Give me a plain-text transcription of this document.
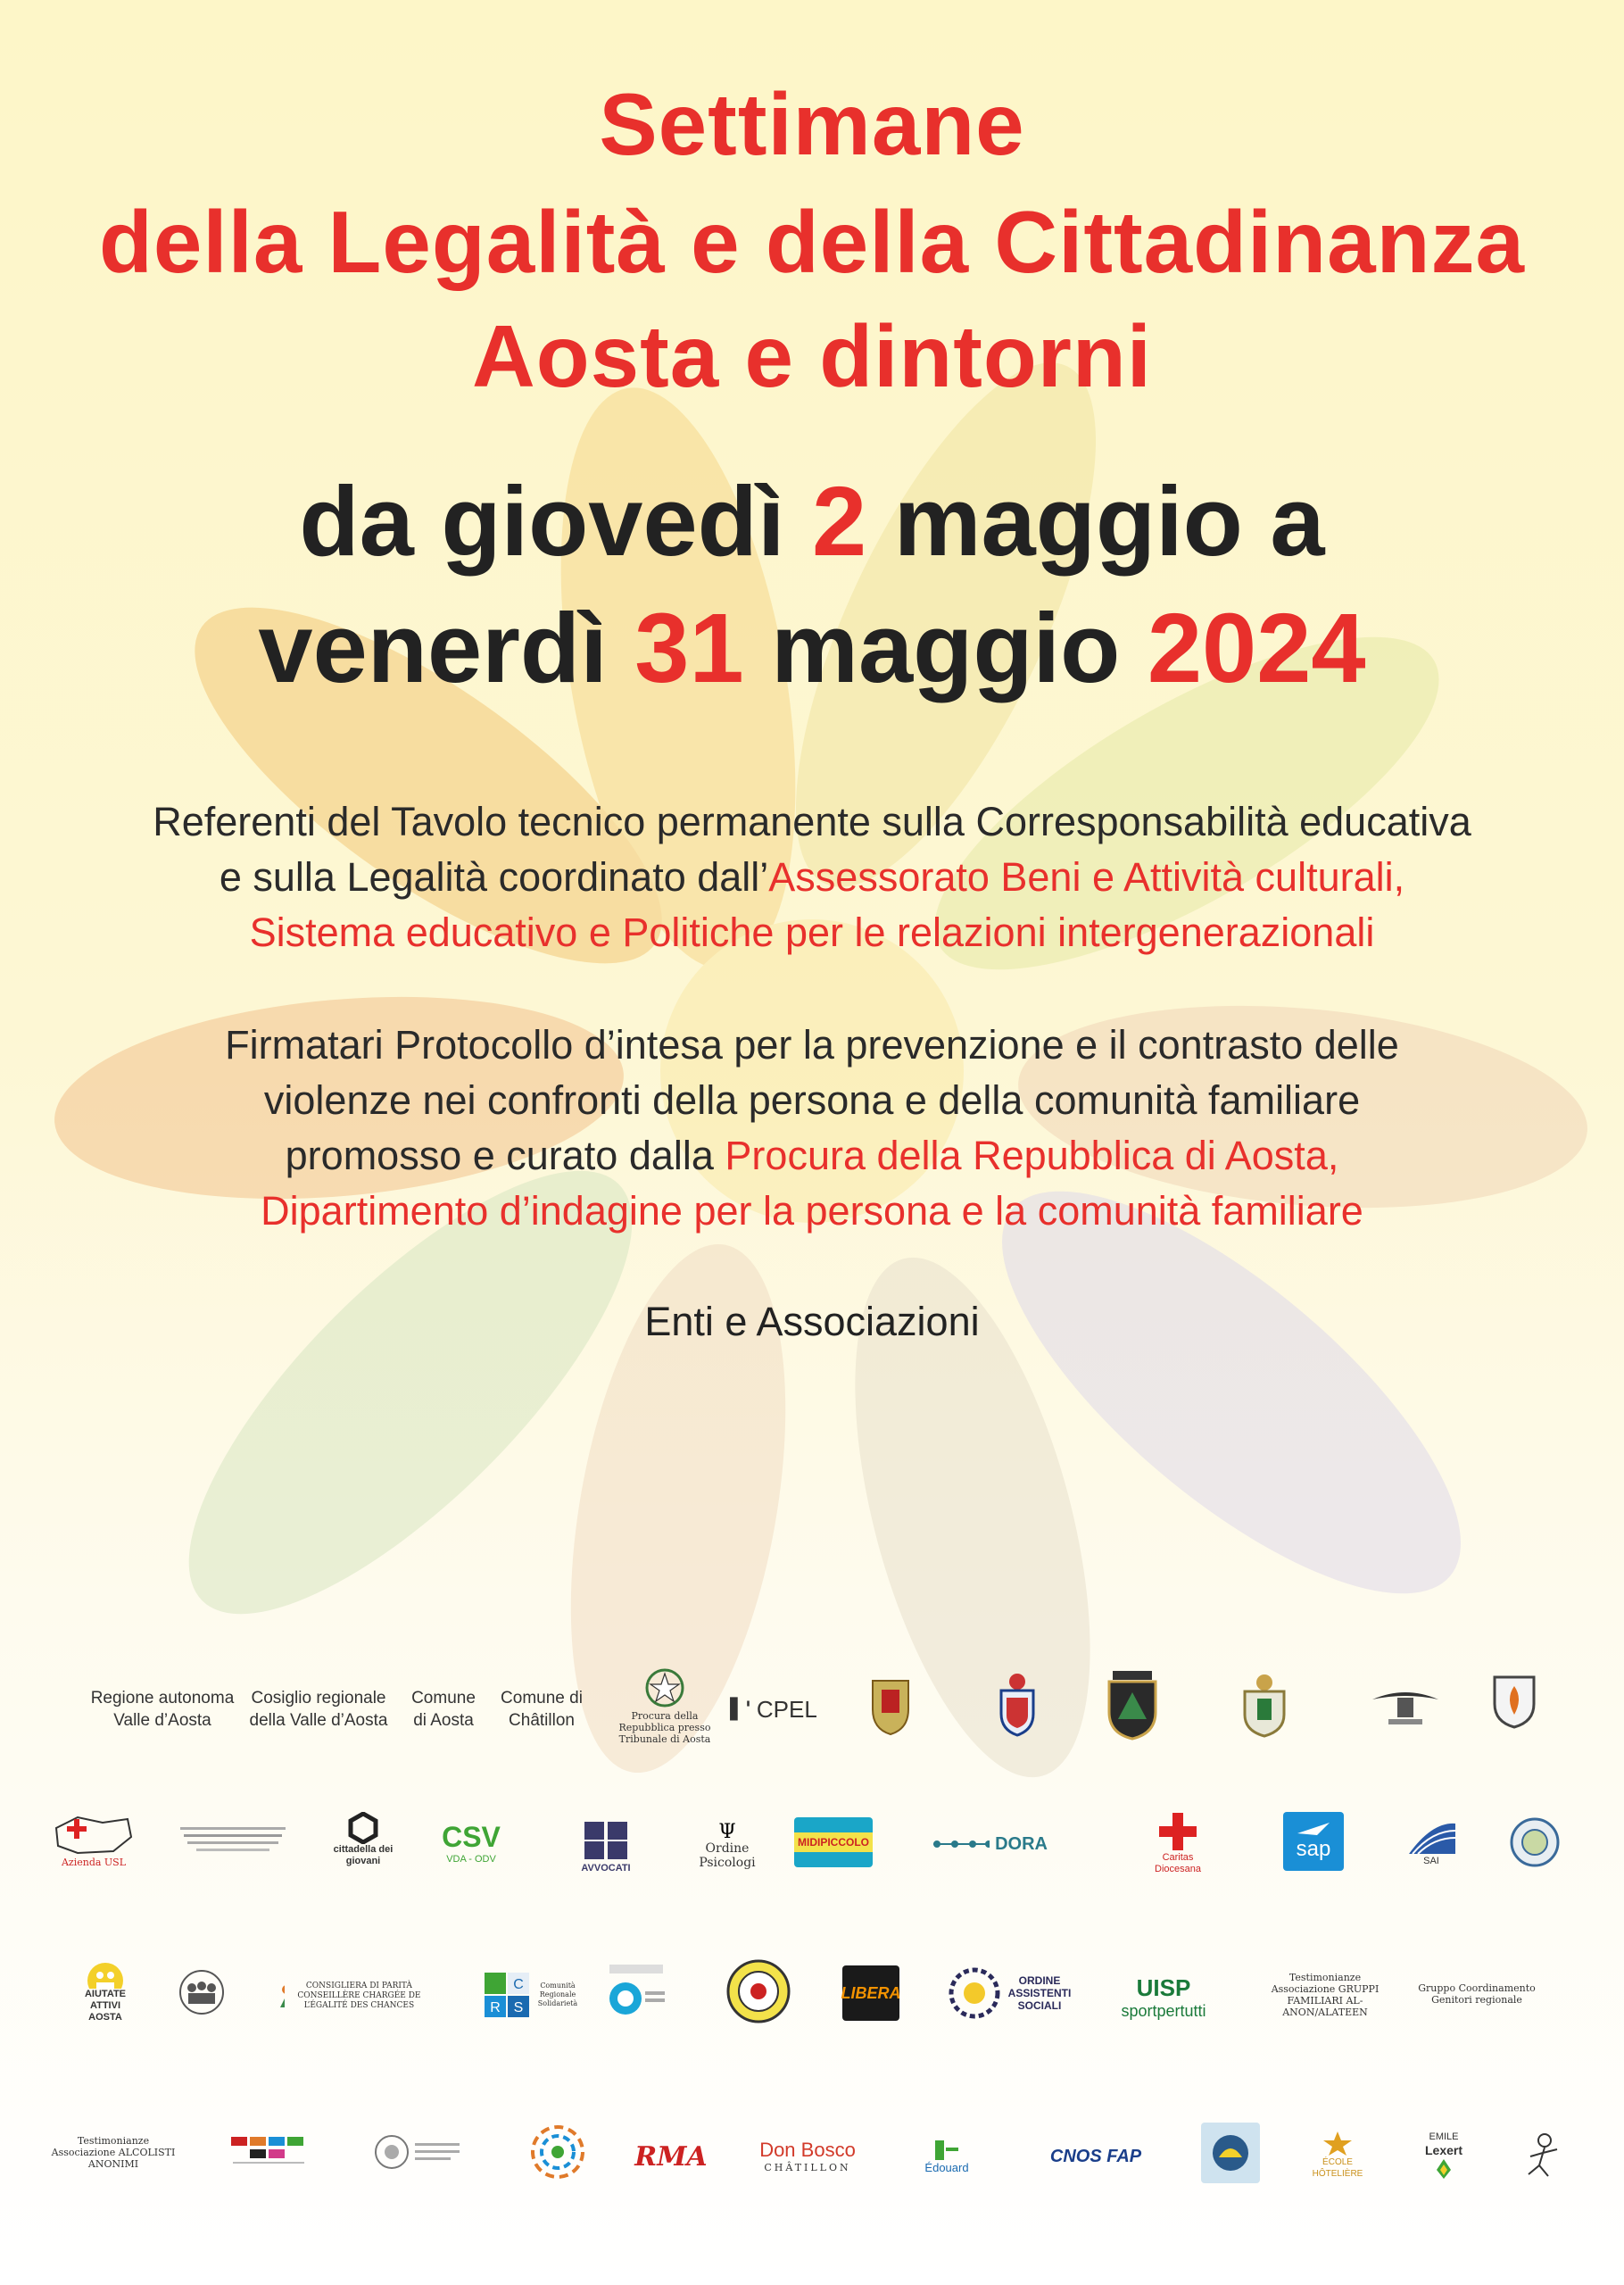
Settimane
della Legalità e della Cittadinanza
Aosta e dintorni
da giovedì 2 maggio a
venerdì 31 maggio 2024
Referenti del Tavolo tecnico permanente sulla Corresponsabilità educativa
e sulla Legalità coordinato dall’Assessorato Beni e Attività culturali,
Sistema educativo e Politiche per le relazioni intergenerazionali
Firmatari Protocollo d’intesa per la prevenzione e il contrasto delle
violenze nei confronti della persona e della comunità familiare
promosso e curato dalla Procura della Repubblica di Aosta,
Dipartimento d’indagine per la persona e la comunità familiare
Enti e Associazioni
Regione autonoma Valle d’Aosta
Cosiglio regionale della Valle d’Aosta
Comune di Aosta
Comune di Châtillon	Procura della Repubblica presso Tribunale di Aosta
▌' CPEL
Azienda USL
cittadella dei giovani
CSV
VDA - ODV
AVVOCATI
Ψ
Ordine Psicologi
MIDIPICCOLO	DORA
Caritas Diocesana
sap	SAI
AIUTATE ATTIVI AOSTA
CONSIGLIERA DI PARITÀ CONSEILLÈRE CHARGÉE DE L’ÉGALITÉ DES CHANCES
C
R S
Comunità Regionale Solidarietà
LIBERA
ORDINE ASSISTENTI SOCIALI
UISP
sportpertutti
Testimonianze Associazione GRUPPI FAMILIARI AL-ANON/ALATEEN
Gruppo Coordinamento Genitori regionale
Testimonianze Associazione ALCOLISTI ANONIMI	RMA	Don Bosco
CHÂTILLON	Édouard
CNOS FAP	ÉCOLE HÔTELIÈRE
EMILE
Lexert
